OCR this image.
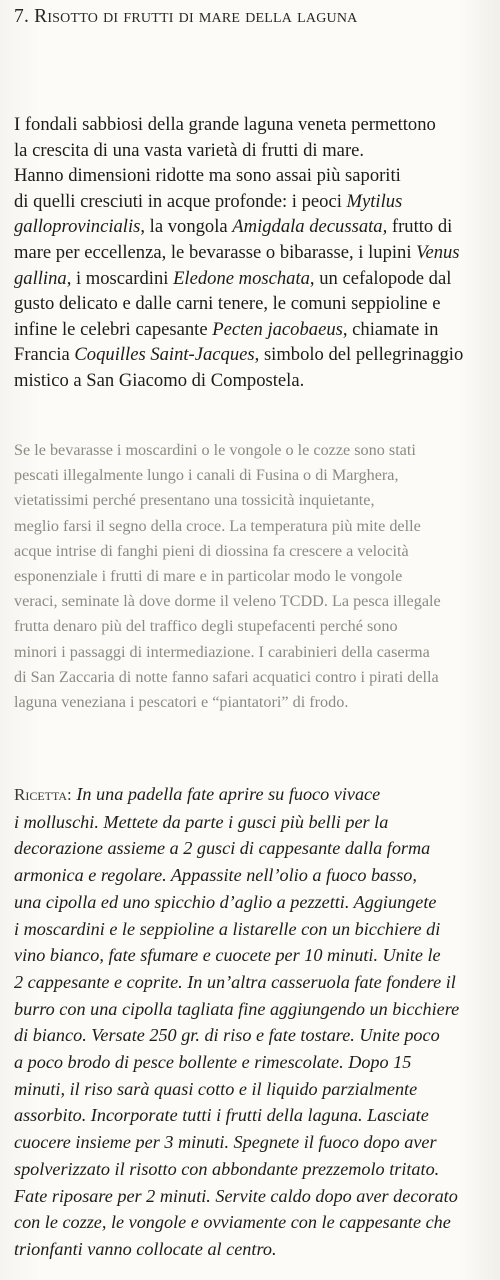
7. Risotto di frutti di mare della laguna

I fondali sabbiosi della grande laguna veneta permettono
la crescita di una vasta varietà di frutti di mare.
Hanno dimensioni ridotte ma sono assai più saporiti
di quelli cresciuti in acque profonde: i peoci Mytilus
galloprovincialis, la vongola Amigdala decussata, frutto di
mare per eccellenza, le bevarasse o bibarasse, i lupini Venus
gallina, i moscardini Eledone moschata, un cefalopode dal
gusto delicato e dalle carni tenere, le comuni seppioline e
infine le celebri capesante Pecten jacobaeus, chiamate in
Francia Coquilles Saint-Jacques, simbolo del pellegrinaggio
mistico a San Giacomo di Compostela.

Se le bevarasse i moscardini o le vongole o le cozze sono stati
pescati illegalmente lungo i canali di Fusina o di Marghera,
vietatissimi perché presentano una tossicità inquietante,
meglio farsi il segno della croce. La temperatura più mite delle
acque intrise di fanghi pieni di diossina fa crescere a velocità
esponenziale i frutti di mare e in particolar modo le vongole
veraci, seminate là dove dorme il veleno TCDD. La pesca illegale
frutta denaro più del traffico degli stupefacenti perché sono
minori i passaggi di intermediazione. I carabinieri della caserma
di San Zaccaria di notte fanno safari acquatici contro i pirati della
laguna veneziana i pescatori e “piantatori” di frodo.

Ricetta: In una padella fate aprire su fuoco vivace
i molluschi. Mettete da parte i gusci più belli per la
decorazione assieme a 2 gusci di cappesante dalla forma
armonica e regolare. Appassite nell’olio a fuoco basso,
una cipolla ed uno spicchio d’aglio a pezzetti. Aggiungete
i moscardini e le seppioline a listarelle con un bicchiere di
vino bianco, fate sfumare e cuocete per 10 minuti. Unite le
2 cappesante e coprite. In un’altra casseruola fate fondere il
burro con una cipolla tagliata fine aggiungendo un bicchiere
di bianco. Versate 250 gr. di riso e fate tostare. Unite poco
a poco brodo di pesce bollente e rimescolate. Dopo 15
minuti, il riso sarà quasi cotto e il liquido parzialmente
assorbito. Incorporate tutti i frutti della laguna. Lasciate
cuocere insieme per 3 minuti. Spegnete il fuoco dopo aver
spolverizzato il risotto con abbondante prezzemolo tritato.
Fate riposare per 2 minuti. Servite caldo dopo aver decorato
con le cozze, le vongole e ovviamente con le cappesante che
trionfanti vanno collocate al centro.
